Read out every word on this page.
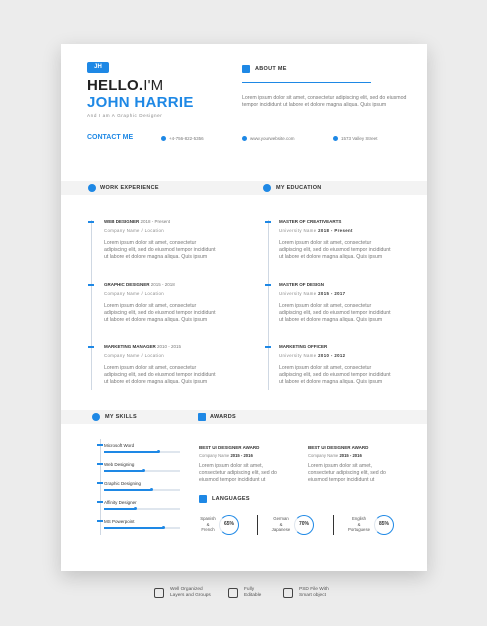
JH
HELLO.I'M
JOHN HARRIE
And I am A Graphic Designer
ABOUT ME
Lorem ipsum dolor sit amet, consectetur adipiscing elit, sed do eiusmod tempor incididunt ut labore et dolore magna aliqua. Quis ipsum
CONTACT ME	+4-756-822-5356	www.yourwebsite.com	1573 Valley Street
WORK EXPERIENCE	MY EDUCATION
WEB DESIGNER 2018 - Present
Company Name / Location
Lorem ipsum dolor sit amet, consectetur adipiscing elit, sed do eiusmod tempor incididunt ut labore et dolore magna aliqua. Quis ipsum
GRAPHIC DESIGNER 2015 - 2018
Company Name / Location
Lorem ipsum dolor sit amet, consectetur adipiscing elit, sed do eiusmod tempor incididunt ut labore et dolore magna aliqua. Quis ipsum
MARKETING MANAGER 2010 - 2015
Company Name / Location
Lorem ipsum dolor sit amet, consectetur adipiscing elit, sed do eiusmod tempor incididunt ut labore et dolore magna aliqua. Quis ipsum
MASTER OF CREATIVEARTS
University Name 2018 - Present
Lorem ipsum dolor sit amet, consectetur adipiscing elit, sed do eiusmod tempor incididunt ut labore et dolore magna aliqua. Quis ipsum
MASTER OF DESIGN
University Name 2015 - 2017
Lorem ipsum dolor sit amet, consectetur adipiscing elit, sed do eiusmod tempor incididunt ut labore et dolore magna aliqua. Quis ipsum
MARKETING OFFICER
University Name 2010 - 2012
Lorem ipsum dolor sit amet, consectetur adipiscing elit, sed do eiusmod tempor incididunt ut labore et dolore magna aliqua. Quis ipsum
MY SKILLS	AWARDS
BEST UI DESIGNER AWARD
Company Name 2015 - 2016
Lorem ipsum dolor sit amet, consectetur adipiscing elit, sed do eiusmod tempor incididunt ut
BEST UI DESIGNER AWARD
Company Name 2015 - 2016
Lorem ipsum dolor sit amet, consectetur adipiscing elit, sed do eiusmod tempor incididunt ut
LANGUAGES
Spanish
&
French
65%
German
&
Japanese
70%
English
&
Portuguese
85%
Microsoft Word
Web Designing
Graphic Designing
Affinity Designer
MS Powerpoint
Well Organized
Layers and Groups
Fully
Editable
PSD File With
Smart object
